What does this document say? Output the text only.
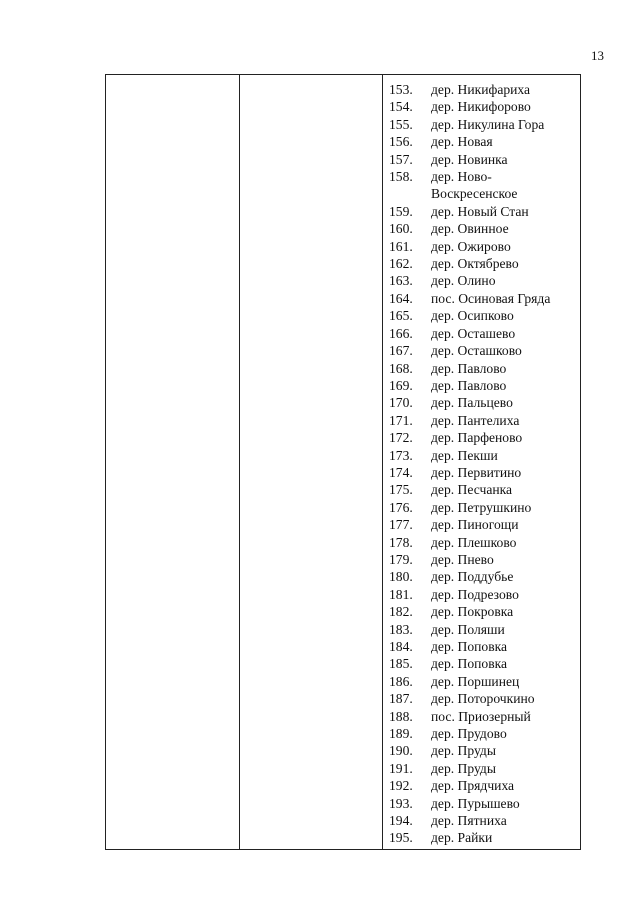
13
153.	дер. Никифариха
154.	дер. Никифорово
155.	дер. Никулина Гора
156.	дер. Новая
157.	дер. Новинка
158.	дер. Ново-
Воскресенское
159.	дер. Новый Стан
160.	дер. Овинное
161.	дер. Ожирово
162.	дер. Октябрево
163.	дер. Олино
164.	пос. Осиновая Гряда
165.	дер. Осипково
166.	дер. Осташево
167.	дер. Осташково
168.	дер. Павлово
169.	дер. Павлово
170.	дер. Пальцево
171.	дер. Пантелиха
172.	дер. Парфеново
173.	дер. Пекши
174.	дер. Первитино
175.	дер. Песчанка
176.	дер. Петрушкино
177.	дер. Пиногощи
178.	дер. Плешково
179.	дер. Пнево
180.	дер. Поддубье
181.	дер. Подрезово
182.	дер. Покровка
183.	дер. Поляши
184.	дер. Поповка
185.	дер. Поповка
186.	дер. Поршинец
187.	дер. Поторочкино
188.	пос. Приозерный
189.	дер. Прудово
190.	дер. Пруды
191.	дер. Пруды
192.	дер. Прядчиха
193.	дер. Пурышево
194.	дер. Пятниха
195.	дер. Райки
